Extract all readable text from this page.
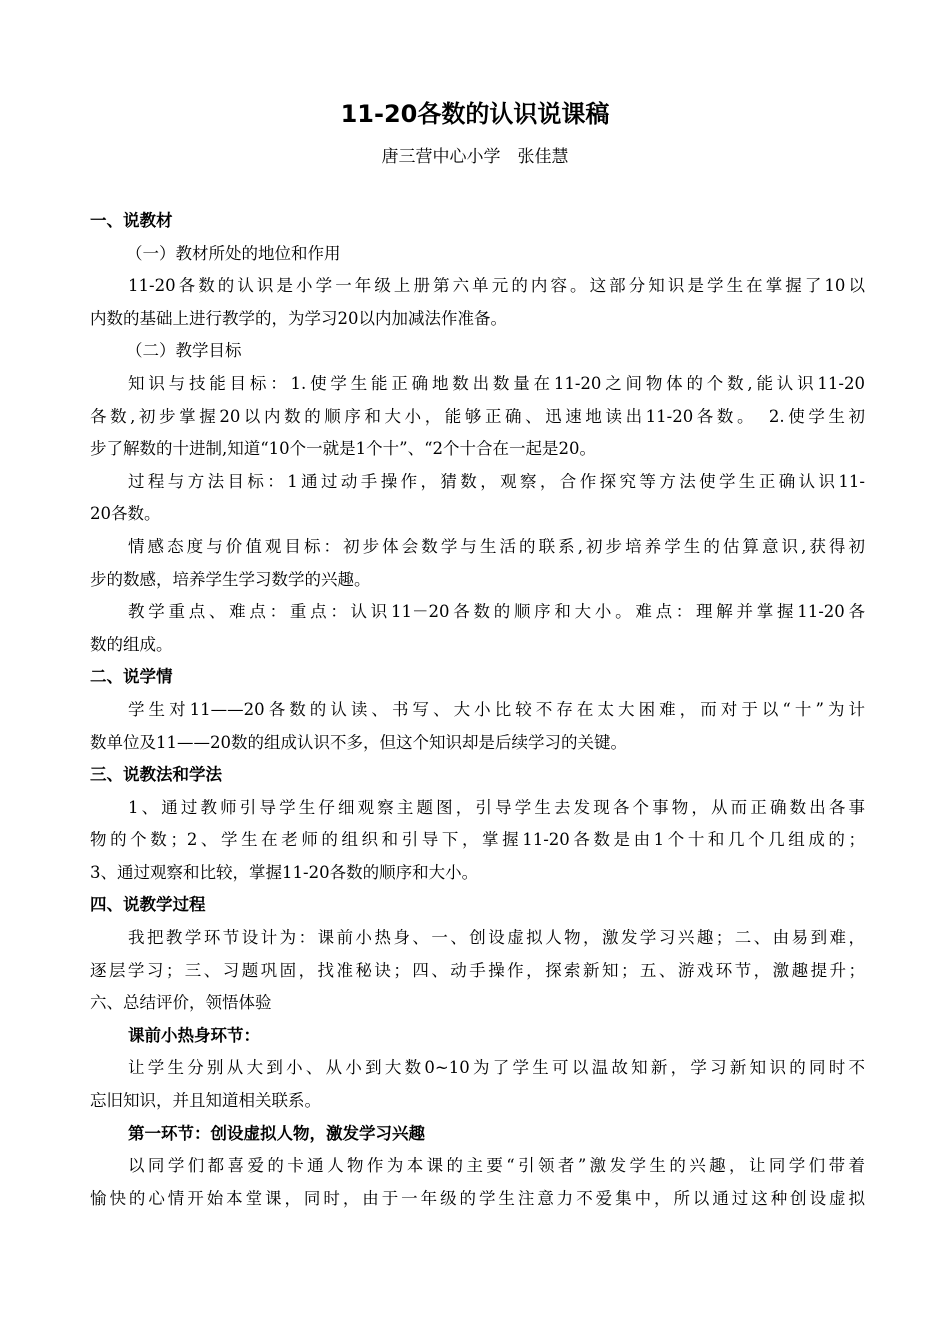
11-20各数的认识说课稿
唐三营中心小学　张佳慧
一、说教材
（一）教材所处的地位和作用
11-20各数的认识是小学一年级上册第六单元的内容。这部分知识是学生在掌握了10以
内数的基础上进行教学的，为学习20以内加减法作准备。
（二）教学目标
知识与技能目标：1.使学生能正确地数出数量在11-20之间物体的个数,能认识11-20
各数,初步掌握20以内数的顺序和大小，能够正确、迅速地读出11-20各数。　2.使学生初
步了解数的十进制,知道“10个一就是1个十”、“2个十合在一起是20。
过程与方法目标：1通过动手操作，猜数，观察，合作探究等方法使学生正确认识11-
20各数。
情感态度与价值观目标：初步体会数学与生活的联系,初步培养学生的估算意识,获得初
步的数感，培养学生学习数学的兴趣。
教学重点、难点：重点：认识11－20各数的顺序和大小。难点：理解并掌握11-20各
数的组成。
二、说学情
学生对11——20各数的认读、书写、大小比较不存在太大困难，而对于以“十”为计
数单位及11——20数的组成认识不多，但这个知识却是后续学习的关键。
三、说教法和学法
1、通过教师引导学生仔细观察主题图，引导学生去发现各个事物，从而正确数出各事
物的个数；2、学生在老师的组织和引导下，掌握11-20各数是由1个十和几个几组成的；
3、通过观察和比较，掌握11-20各数的顺序和大小。
四、说教学过程
我把教学环节设计为：课前小热身、一、创设虚拟人物，激发学习兴趣；二、由易到难，
逐层学习；三、习题巩固，找准秘诀；四、动手操作，探索新知；五、游戏环节，激趣提升；
六、总结评价，领悟体验
课前小热身环节：
让学生分别从大到小、从小到大数0~10为了学生可以温故知新，学习新知识的同时不
忘旧知识，并且知道相关联系。
第一环节：创设虚拟人物，激发学习兴趣
以同学们都喜爱的卡通人物作为本课的主要“引领者”激发学生的兴趣，让同学们带着
愉快的心情开始本堂课，同时，由于一年级的学生注意力不爱集中，所以通过这种创设虚拟
